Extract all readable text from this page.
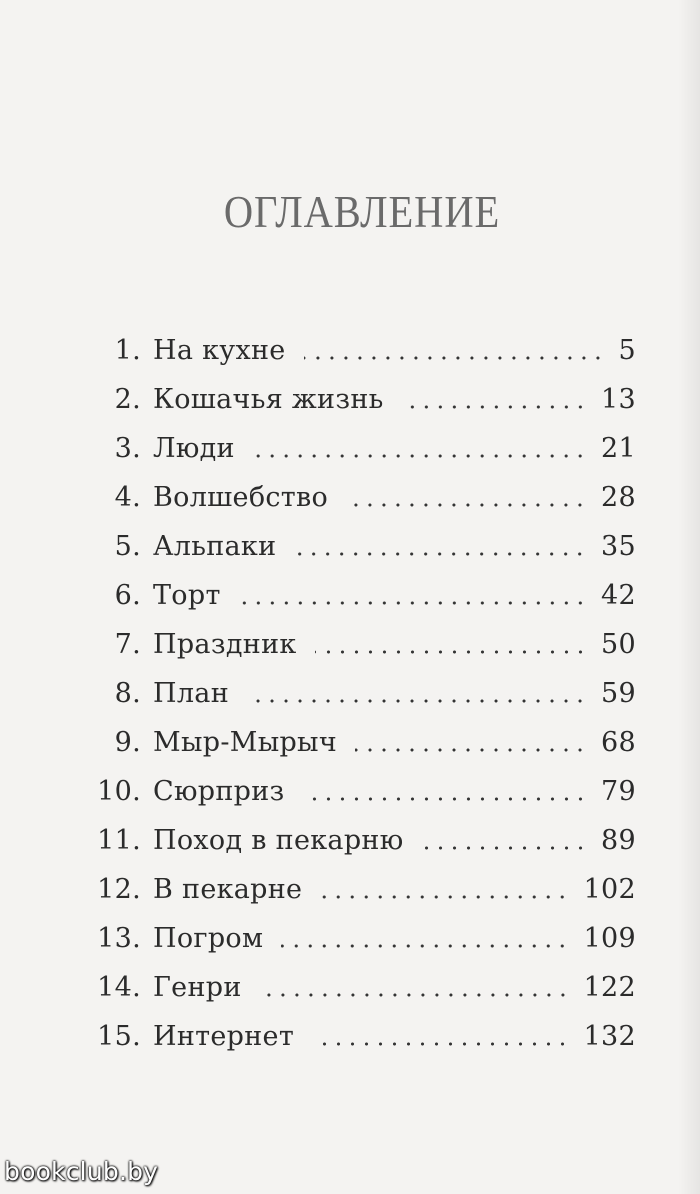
ОГЛАВЛЕНИЕ
1. На кухне	5
2. Кошачья жизнь	13
3. Люди	21
4. Волшебство	28
5. Альпаки	35
6. Торт	42
7. Праздник	50
8. План	59
9. Мыр-Мырыч	68
10. Сюрприз	79
11. Поход в пекарню	89
12. В пекарне	102
13. Погром	109
14. Генри	122
15. Интернет	132
bookclub.by
